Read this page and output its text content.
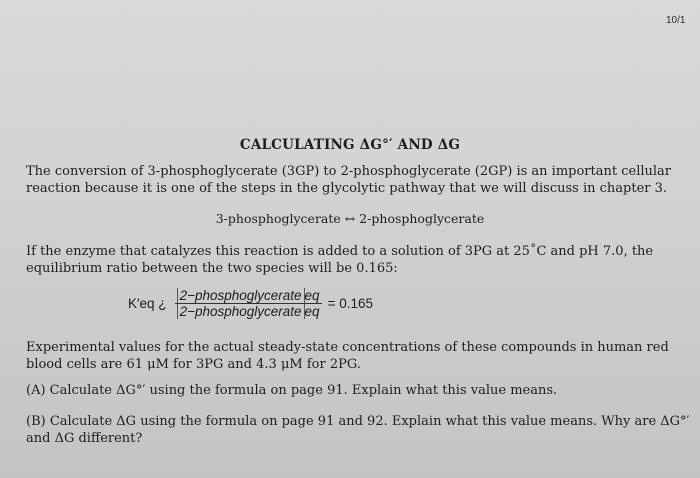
10/1
CALCULATING ΔG°′ AND ΔG
The conversion of 3-phosphoglycerate (3GP) to 2-phosphoglycerate (2GP) is an important cellular reaction because it is one of the steps in the glycolytic pathway that we will discuss in chapter 3.
3-phosphoglycerate ↔ 2-phosphoglycerate
If the enzyme that catalyzes this reaction is added to a solution of 3PG at 25˚C and pH 7.0, the equilibrium ratio between the two species will be 0.165:
K′eq ¿ $\frac{\text{2−phosphoglycerate eq}}{\text{2−phosphoglycerate eq}} = 0.165$
Experimental values for the actual steady-state concentrations of these compounds in human red blood cells are 61 μM for 3PG and 4.3 μM for 2PG.
(A) Calculate ΔG°′ using the formula on page 91. Explain what this value means.
(B) Calculate ΔG using the formula on page 91 and 92. Explain what this value means. Why are ΔG°′ and ΔG different?
